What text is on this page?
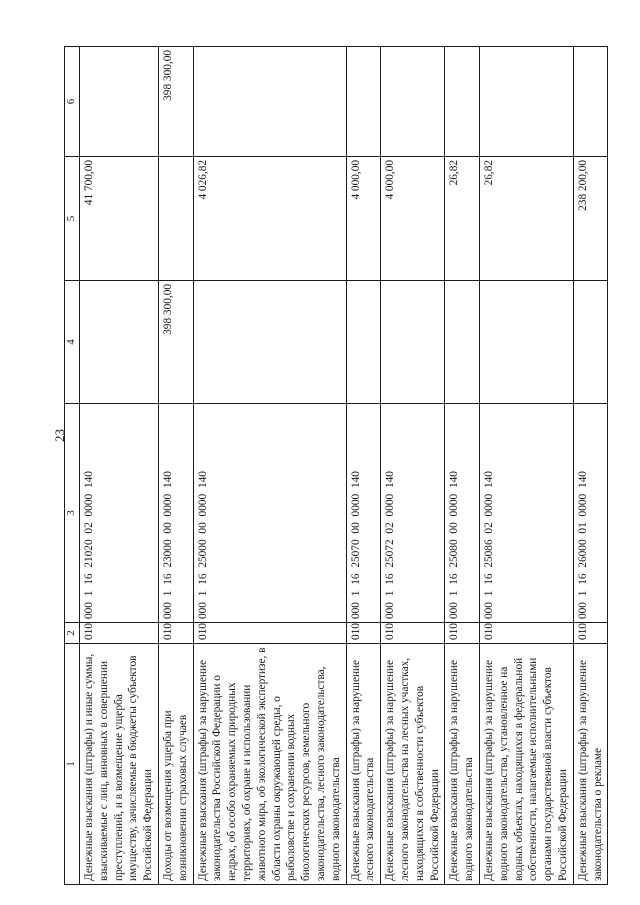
23
1	2	3	4	5	6
Денежные взыскания (штрафы) и иные суммы, взыскиваемые с лиц, виновных в совершении преступлений, и в возмещение ущерба имуществу, зачисляемые в бюджеты субъектов Российской Федерации	010	000 1 16 21020 02 0000 140		41 700,00	
Доходы от возмещения ущерба при возникновении страховых случаев	010	000 1 16 23000 00 0000 140	398 300,00		398 300,00
Денежные взыскания (штрафы) за нарушение законодательства Российской Федерации о недрах, об особо охраняемых природных территориях, об охране и использовании животного мира, об экологической экспертизе, в области охраны окружающей среды, о рыболовстве и сохранении водных биологических ресурсов, земельного законодательства, лесного законодательства, водного законодательства	010	000 1 16 25000 00 0000 140		4 026,82	
Денежные взыскания (штрафы) за нарушение лесного законодательства	010	000 1 16 25070 00 0000 140		4 000,00	
Денежные взыскания (штрафы) за нарушение лесного законодательства на лесных участках, находящихся в собственности субъектов Российской Федерации	010	000 1 16 25072 02 0000 140		4 000,00	
Денежные взыскания (штрафы) за нарушение водного законодательства	010	000 1 16 25080 00 0000 140		26,82	
Денежные взыскания (штрафы) за нарушение водного законодательства, установленное на водных объектах, находящихся в федеральной собственности, налагаемые исполнительными органами государственной власти субъектов Российской Федерации	010	000 1 16 25086 02 0000 140		26,82	
Денежные взыскания (штрафы) за нарушение законодательства о рекламе	010	000 1 16 26000 01 0000 140		238 200,00	
